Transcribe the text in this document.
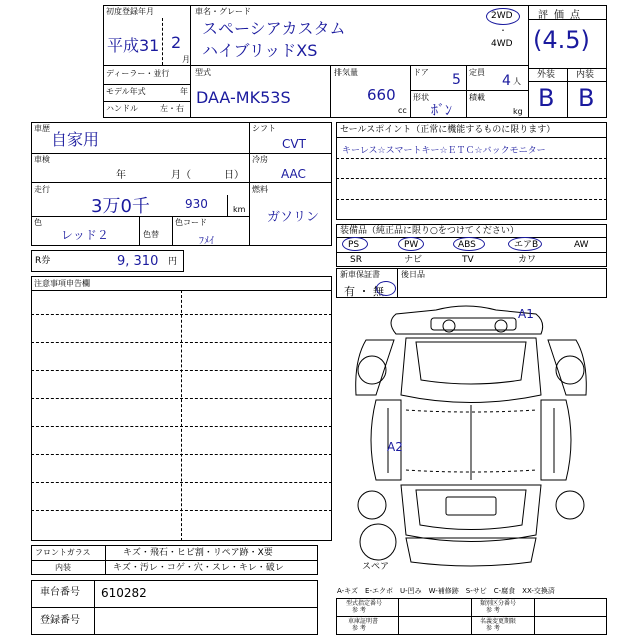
初度登録年月
平成31 2
月
車名・グレード
スペーシアカスタム
ハイブリッドXS
2WD
・
4WD
評価点
(4.5)
ディーラー・並行
モデル年式	年
ハンドル	左・右
型式
DAA-MK53S
排気量
660
cc
ドア 5 定員
4 人
形状
ﾎﾞﾝ
積載
kg
外装 内装
B B
車歴
自家用
車検
年	月（	日）
走行
3万0千	930	km
色
レッド２	色替
色コード
ﾌﾒｲ
シフト
CVT
冷房
AAC
燃料
ガソリン
R券	9, 310 円
注意事項申告欄
フロントガラス	キズ・飛石・ヒビ割・リペア跡・X要
内装	キズ・汚レ・コゲ・穴・スレ・キレ・破レ
車台番号 610282
登録番号
セールスポイント（正常に機能するものに限ります）
キーレス☆スマートキー☆ＥＴＣ☆バックモニター
装備品（純正品に限り○をつけてください）
PS	PW	ABS	エアB	AW
SR	ナビ	TV	カワ
新車保証書
有 ・ 無
後日品
A1
A2
スペア
A-キズ　E-エクボ　U-凹み　W-補修跡　S-サビ　C-腐食　XX-交換済
型式指定番号
参 考
類別区分番号
参 考
車庫証明書
参 考
名義変更期限
参 考
